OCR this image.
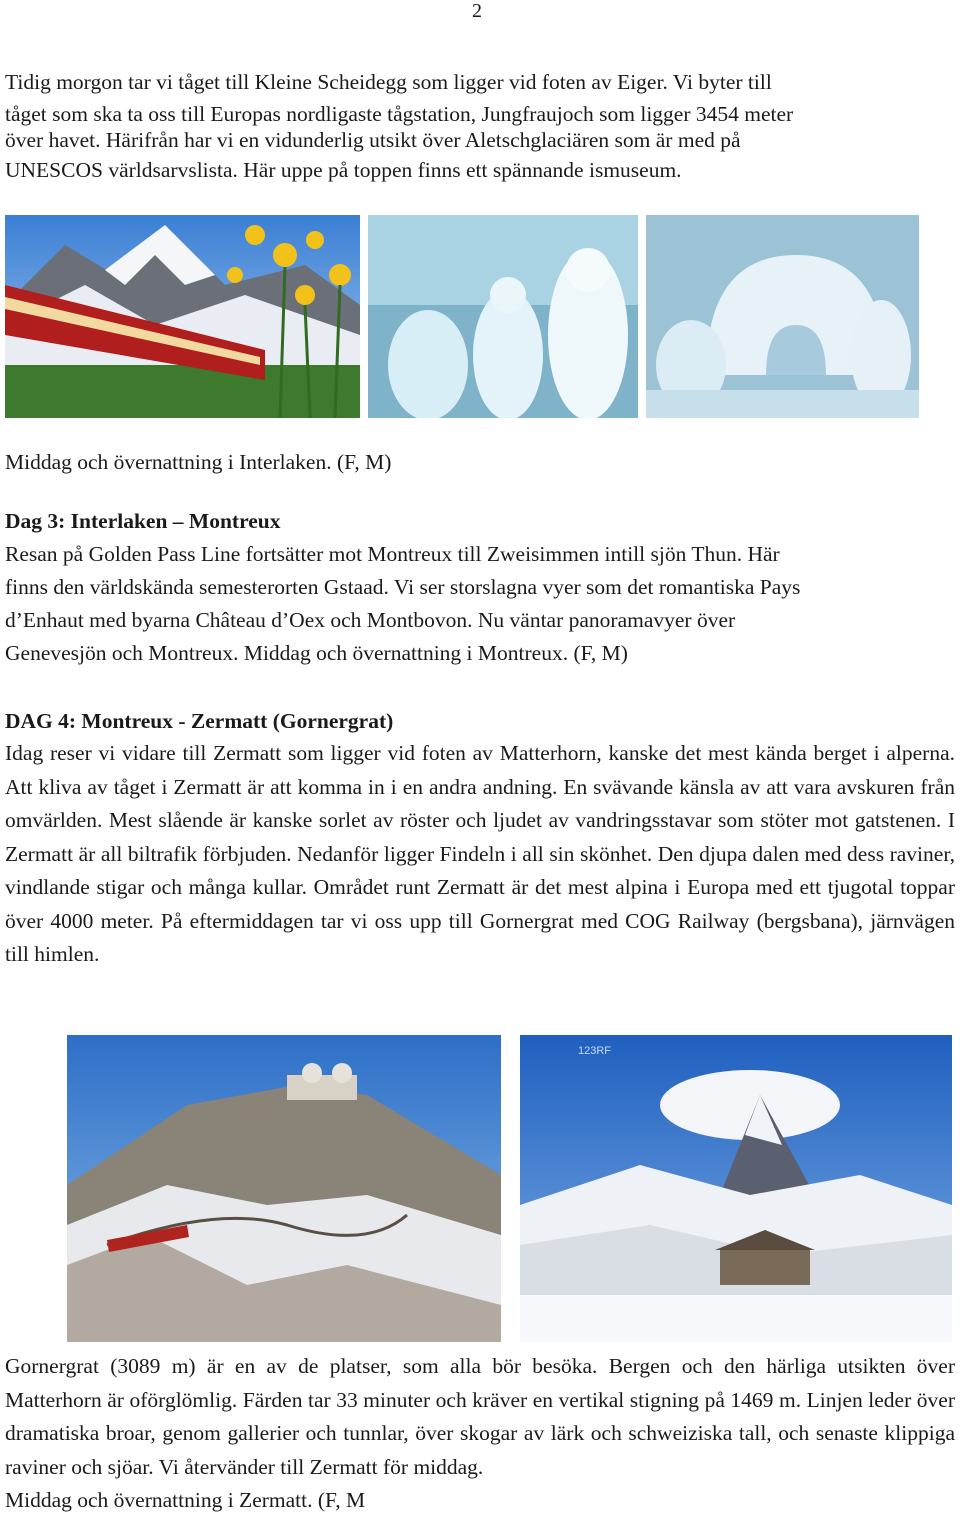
2

Tidig morgon tar vi tåget till Kleine Scheidegg som ligger vid foten av Eiger. Vi byter till

tåget som ska ta oss till Europas nordligaste tågstation, Jungfraujoch som ligger 3454 meter

över havet. Härifrån har vi en vidunderlig utsikt över Aletschglaciären som är med på

UNESCOS världsarvslista. Här uppe på toppen finns ett spännande ismuseum.

Middag och övernattning i Interlaken. (F, M)

Dag 3: Interlaken – Montreux

Resan på Golden Pass Line fortsätter mot Montreux till Zweisimmen intill sjön Thun. Här

finns den världskända semesterorten Gstaad. Vi ser storslagna vyer som det romantiska Pays

d’Enhaut med byarna Château d’Oex och Montbovon. Nu väntar panoramavyer över

Genevesjön och Montreux. Middag och övernattning i Montreux. (F, M)

DAG 4: Montreux - Zermatt (Gornergrat)

Idag reser vi vidare till Zermatt som ligger vid foten av Matterhorn, kanske det mest kända berget i alperna. Att kliva av tåget i Zermatt är att komma in i en andra andning. En svävande känsla av att vara avskuren från omvärlden. Mest slående är kanske sorlet av röster och ljudet av vandringsstavar som stöter mot gatstenen. I Zermatt är all biltrafik förbjuden. Nedanför ligger Findeln i all sin skönhet. Den djupa dalen med dess raviner, vindlande stigar och många kullar. Området runt Zermatt är det mest alpina i Europa med ett tjugotal toppar över 4000 meter. På eftermiddagen tar vi oss upp till Gornergrat med COG Railway (bergsbana), järnvägen till himlen.

123RF

Gornergrat (3089 m) är en av de platser, som alla bör besöka. Bergen och den härliga utsikten över Matterhorn är oförglömlig. Färden tar 33 minuter och kräver en vertikal stigning på 1469 m. Linjen leder över dramatiska broar, genom gallerier och tunnlar, över skogar av lärk och schweiziska tall, och senaste klippiga raviner och sjöar. Vi återvänder till Zermatt för middag.

Middag och övernattning i Zermatt. (F, M
